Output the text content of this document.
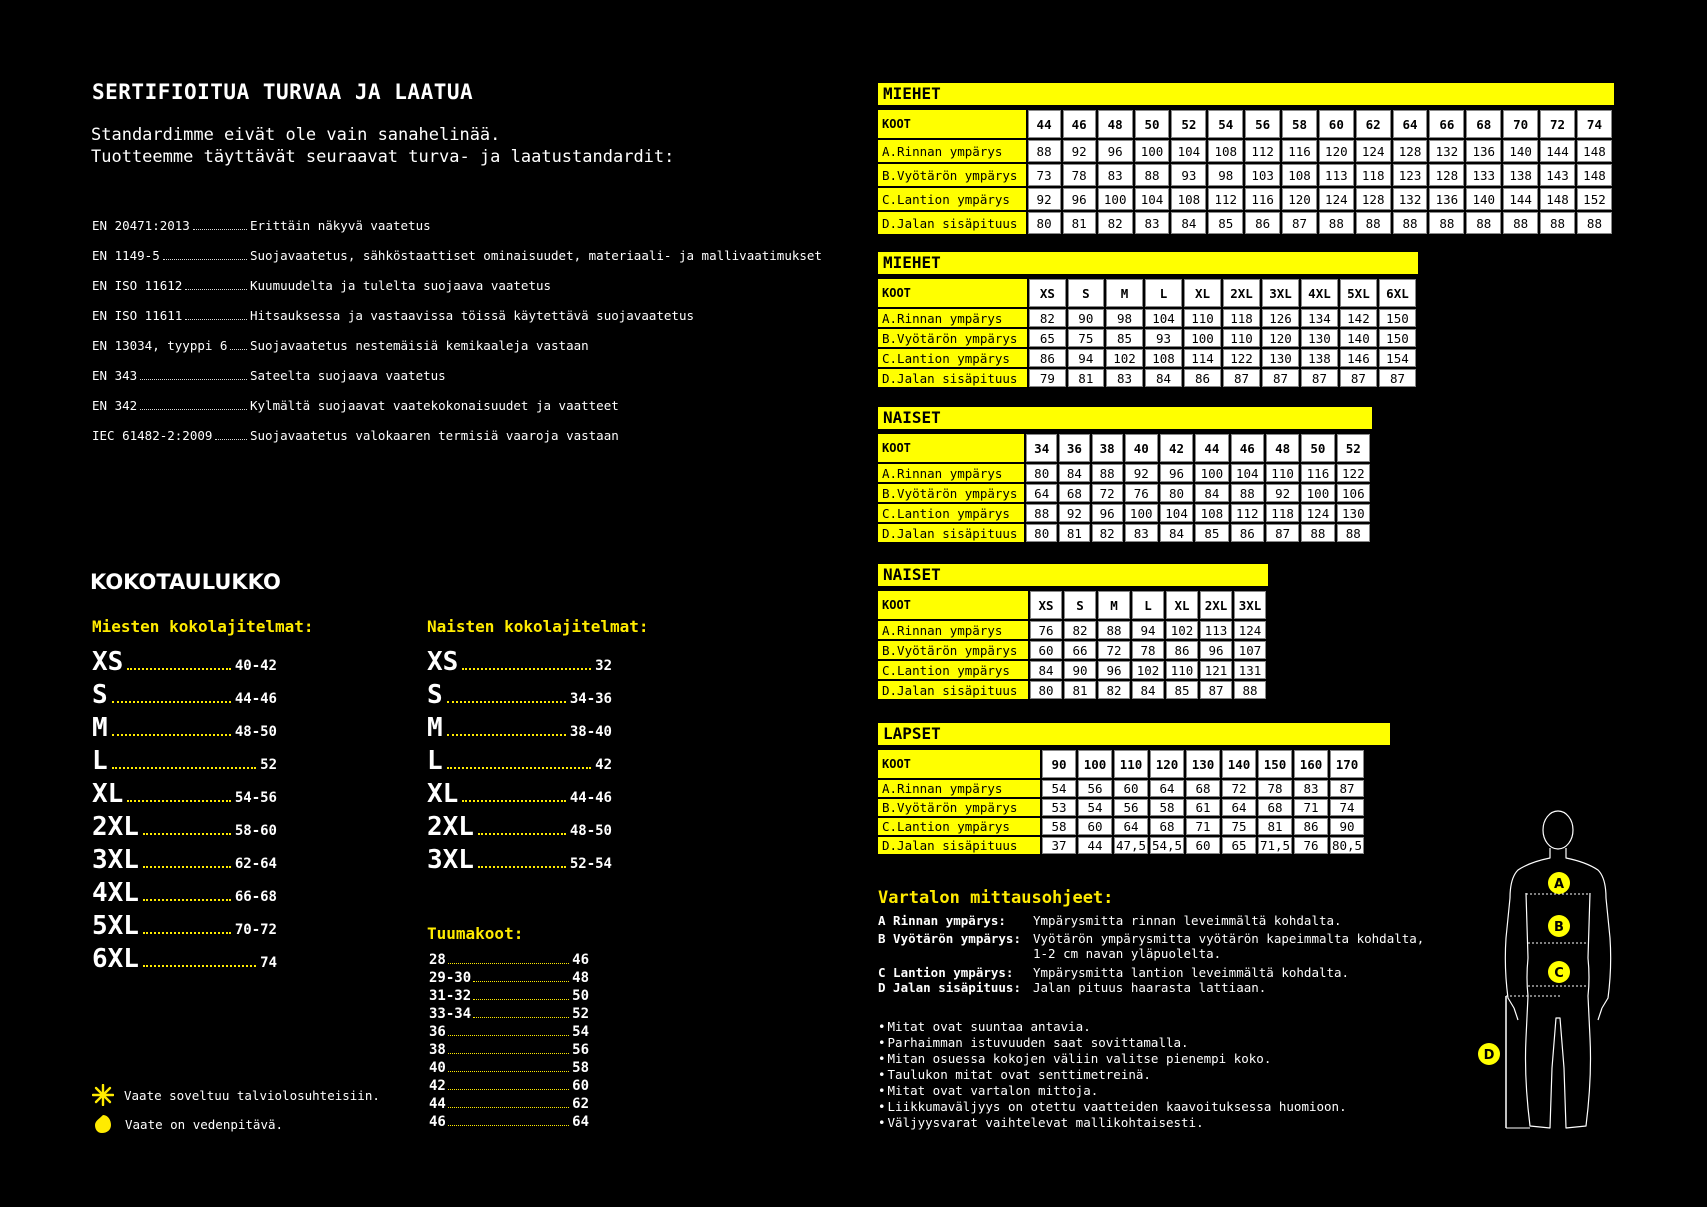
SERTIFIOITUA TURVAA JA LAATUA
Standardimme eivät ole vain sanahelinää.
Tuotteemme täyttävät seuraavat turva- ja laatustandardit:
EN 20471:2013	Erittäin näkyvä vaatetus
EN 1149-5	Suojavaatetus, sähköstaattiset ominaisuudet, materiaali- ja mallivaatimukset
EN ISO 11612	Kuumuudelta ja tulelta suojaava vaatetus
EN ISO 11611	Hitsauksessa ja vastaavissa töissä käytettävä suojavaatetus
EN 13034, tyyppi 6 Suojavaatetus nestemäisiä kemikaaleja vastaan
EN 343	Sateelta suojaava vaatetus
EN 342	Kylmältä suojaavat vaatekokonaisuudet ja vaatteet
IEC 61482-2:2009	Suojavaatetus valokaaren termisiä vaaroja vastaan
KOKOTAULUKKO
Miesten kokolajitelmat:	Naisten kokolajitelmat:
XS	40-42
S	44-46
M	48-50
L	52
XL	54-56
2XL	58-60
3XL	62-64
4XL	66-68
5XL	70-72
6XL	74
XS	32
S	34-36
M	38-40
L	42
XL	44-46
2XL	48-50
3XL	52-54
Tuumakoot:
28	46
29-30	48
31-32	50
33-34	52
36	54
38	56
40	58
42	60
44	62
46	64
Vaate soveltuu talviolosuhteisiin.
Vaate on vedenpitävä.
MIEHET
KOOT	44	46	48	50	52	54	56	58	60	62	64	66	68	70	72	74
A.Rinnan ympärys	88	92	96	100	104	108	112	116	120	124	128	132	136	140	144	148
B.Vyötärön ympärys	73	78	83	88	93	98	103	108	113	118	123	128	133	138	143	148
C.Lantion ympärys	92	96	100	104	108	112	116	120	124	128	132	136	140	144	148	152
D.Jalan sisäpituus	80	81	82	83	84	85	86	87	88	88	88	88	88	88	88	88
MIEHET
KOOT	XS	S	M	L	XL	2XL	3XL	4XL	5XL	6XL
A.Rinnan ympärys	82	90	98	104	110	118	126	134	142	150
B.Vyötärön ympärys	65	75	85	93	100	110	120	130	140	150
C.Lantion ympärys	86	94	102	108	114	122	130	138	146	154
D.Jalan sisäpituus	79	81	83	84	86	87	87	87	87	87
NAISET
KOOT	34	36	38	40	42	44	46	48	50	52
A.Rinnan ympärys	80	84	88	92	96	100	104	110	116	122
B.Vyötärön ympärys	64	68	72	76	80	84	88	92	100	106
C.Lantion ympärys	88	92	96	100	104	108	112	118	124	130
D.Jalan sisäpituus	80	81	82	83	84	85	86	87	88	88
NAISET
KOOT	XS	S	M	L	XL	2XL	3XL
A.Rinnan ympärys	76	82	88	94	102	113	124
B.Vyötärön ympärys	60	66	72	78	86	96	107
C.Lantion ympärys	84	90	96	102	110	121	131
D.Jalan sisäpituus	80	81	82	84	85	87	88
LAPSET
KOOT	90	100	110	120	130	140	150	160	170
A.Rinnan ympärys	54	56	60	64	68	72	78	83	87
B.Vyötärön ympärys	53	54	56	58	61	64	68	71	74
C.Lantion ympärys	58	60	64	68	71	75	81	86	90
D.Jalan sisäpituus	37	44	47,5	54,5	60	65	71,5	76	80,5
Vartalon mittausohjeet:
A Rinnan ympärys:	Ympärysmitta rinnan leveimmältä kohdalta.
B Vyötärön ympärys: Vyötärön ympärysmitta vyötärön kapeimmalta kohdalta,
1-2 cm navan yläpuolelta.
C Lantion ympärys:	Ympärysmitta lantion leveimmältä kohdalta.
D Jalan sisäpituus: Jalan pituus haarasta lattiaan.
• Mitat ovat suuntaa antavia.
• Parhaimman istuvuuden saat sovittamalla.
• Mitan osuessa kokojen väliin valitse pienempi koko.
• Taulukon mitat ovat senttimetreinä.
• Mitat ovat vartalon mittoja.
• Liikkumaväljyys on otettu vaatteiden kaavoituksessa huomioon.
• Väljyysvarat vaihtelevat mallikohtaisesti.
A
B
C
D
